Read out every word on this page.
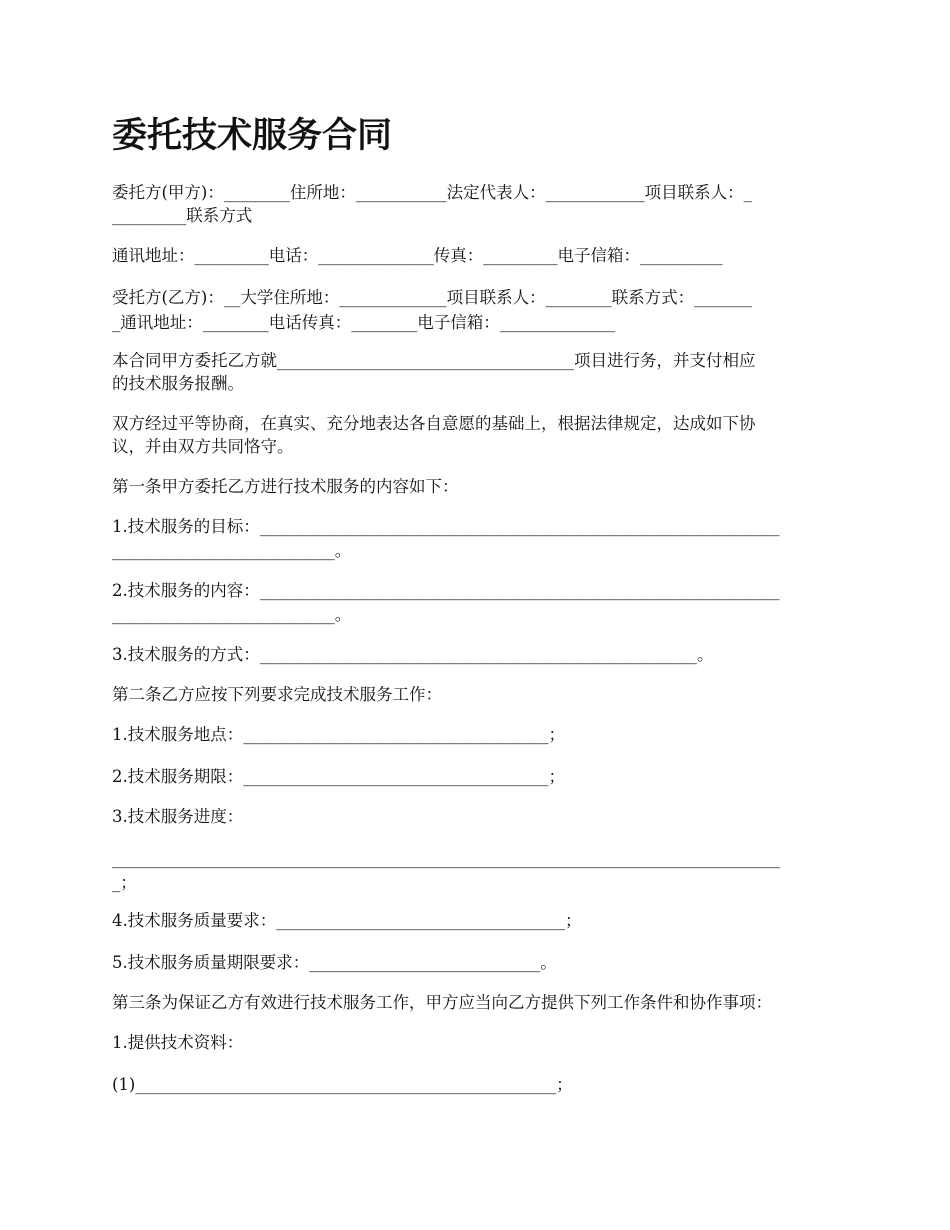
委托技术服务合同

委托方(甲方)：________住所地：___________法定代表人：____________项目联系人：_

_________联系方式

通讯地址：_________电话：______________传真：_________电子信箱：__________

受托方(乙方)：__大学住所地：_____________项目联系人：________联系方式：_______

_通讯地址：________电话传真：________电子信箱：______________

本合同甲方委托乙方就____________________________________项目进行务，并支付相应

的技术服务报酬。

双方经过平等协商，在真实、充分地表达各自意愿的基础上，根据法律规定，达成如下协

议，并由双方共同恪守。

第一条甲方委托乙方进行技术服务的内容如下：

1.技术服务的目标：_______________________________________________________________

___________________________。

2.技术服务的内容：_______________________________________________________________

___________________________。

3.技术服务的方式：_____________________________________________________。

第二条乙方应按下列要求完成技术服务工作：

1.技术服务地点：_____________________________________；

2.技术服务期限：_____________________________________；

3.技术服务进度：

_________________________________________________________________________________

_；

4.技术服务质量要求：___________________________________；

5.技术服务质量期限要求：____________________________。

第三条为保证乙方有效进行技术服务工作，甲方应当向乙方提供下列工作条件和协作事项：

1.提供技术资料：

(1)___________________________________________________；
